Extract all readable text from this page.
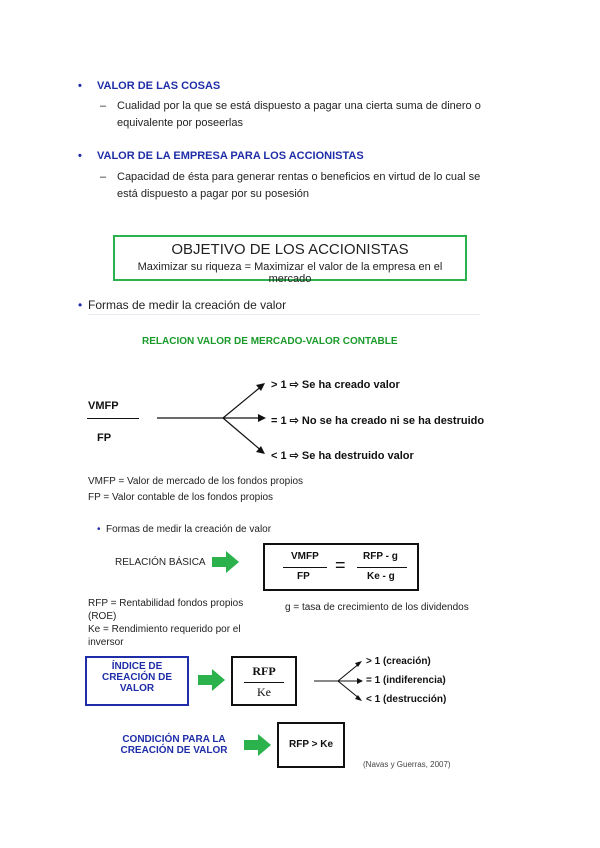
• VALOR DE LAS COSAS
– Cualidad por la que se está dispuesto a pagar una cierta suma de dinero o
equivalente por poseerlas
• VALOR DE LA EMPRESA PARA LOS ACCIONISTAS
– Capacidad de ésta para generar rentas o beneficios en virtud de lo cual se
está dispuesto a pagar por su posesión
OBJETIVO DE LOS ACCIONISTAS
Maximizar su riqueza = Maximizar el valor de la empresa en el mercado
• Formas de medir la creación de valor
RELACION VALOR DE MERCADO-VALOR CONTABLE
VMFP
FP
> 1 ⇨ Se ha creado valor
= 1 ⇨ No se ha creado ni se ha destruido
< 1 ⇨ Se ha destruido valor
VMFP = Valor de mercado de los fondos propios
FP = Valor contable de los fondos propios
• Formas de medir la creación de valor
RELACIÓN BÁSICA
VMFP
FP
= RFP - g
Ke - g
RFP = Rentabilidad fondos propios
(ROE)
Ke = Rendimiento requerido por el
inversor
g = tasa de crecimiento de los dividendos
ÍNDICE DE
CREACIÓN DE
VALOR
RFP
Ke
> 1 (creación)
= 1 (indiferencia)
< 1 (destrucción)
CONDICIÓN PARA LA
CREACIÓN DE VALOR
RFP > Ke
(Navas y Guerras, 2007)
